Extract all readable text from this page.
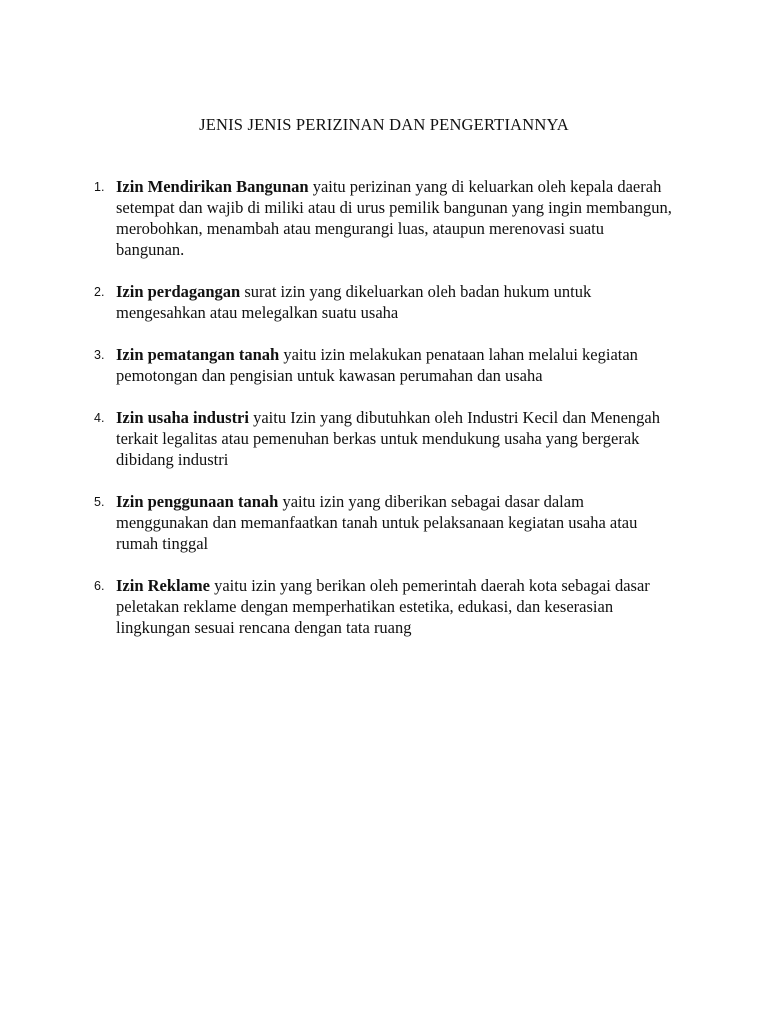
JENIS JENIS PERIZINAN DAN PENGERTIANNYA
1. Izin Mendirikan Bangunan yaitu perizinan yang di keluarkan oleh kepala daerah setempat dan wajib di miliki atau di urus pemilik bangunan yang ingin membangun, merobohkan, menambah atau mengurangi luas, ataupun merenovasi suatu bangunan.
2. Izin perdagangan surat izin yang dikeluarkan oleh badan hukum untuk mengesahkan atau melegalkan suatu usaha
3. Izin pematangan tanah yaitu izin melakukan penataan lahan melalui kegiatan pemotongan dan pengisian untuk kawasan perumahan dan usaha
4. Izin usaha industri yaitu Izin yang dibutuhkan oleh Industri Kecil dan Menengah terkait legalitas atau pemenuhan berkas untuk mendukung usaha yang bergerak dibidang industri
5. Izin penggunaan tanah yaitu izin yang diberikan sebagai dasar dalam menggunakan dan memanfaatkan tanah untuk pelaksanaan kegiatan usaha atau rumah tinggal
6. Izin Reklame yaitu izin yang berikan oleh pemerintah daerah kota sebagai dasar peletakan reklame dengan memperhatikan estetika, edukasi, dan keserasian lingkungan sesuai rencana dengan tata ruang
